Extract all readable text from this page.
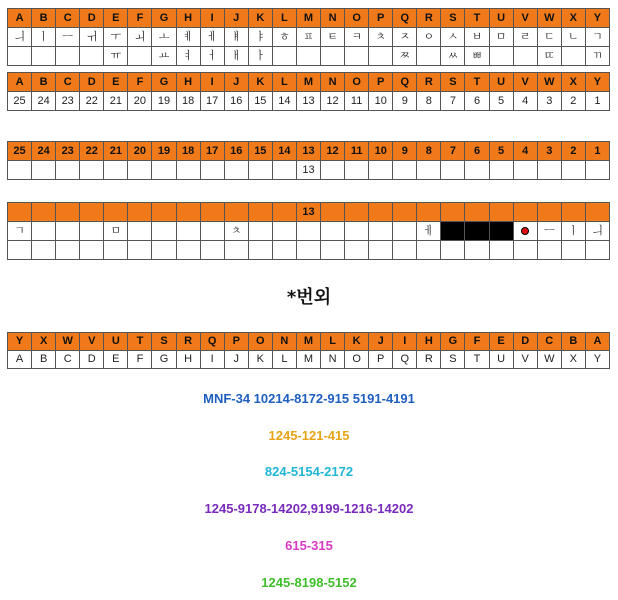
A	B	C	D	E	F	G	H	I	J	K	L	M	N	O	P	Q	R	S	T	U	V	W	X	Y
ㅢ	ㅣ	ㅡ	ㅟ	ㅜ	ㅚ	ㅗ	ㅖ	ㅔ	ㅒ	ㅑ	ㅎ	ㅍ	ㅌ	ㅋ	ㅊ	ㅈ	ㅇ	ㅅ	ㅂ	ㅁ	ㄹ	ㄷ	ㄴ	ㄱ
				ㅠ		ㅛ	ㅕ	ㅓ	ㅐ	ㅏ						ㅉ		ㅆ	ㅃ			ㄸ		ㄲ
A	B	C	D	E	F	G	H	I	J	K	L	M	N	O	P	Q	R	S	T	U	V	W	X	Y
25	24	23	22	21	20	19	18	17	16	15	14	13	12	11	10	9	8	7	6	5	4	3	2	1
25	24	23	22	21	20	19	18	17	16	15	14	13	12	11	10	9	8	7	6	5	4	3	2	1
												13												
												13												
ㄱ				ㅁ					ㅊ								ㅔ					ㅡ	ㅣ	ㅢ

*번외
Y	X	W	V	U	T	S	R	Q	P	O	N	M	L	K	J	I	H	G	F	E	D	C	B	A
A	B	C	D	E	F	G	H	I	J	K	L	M	N	O	P	Q	R	S	T	U	V	W	X	Y
MNF-34 10214-8172-915 5191-4191
1245-121-415
824-5154-2172
1245-9178-14202,9199-1216-14202
615-315
1245-8198-5152
